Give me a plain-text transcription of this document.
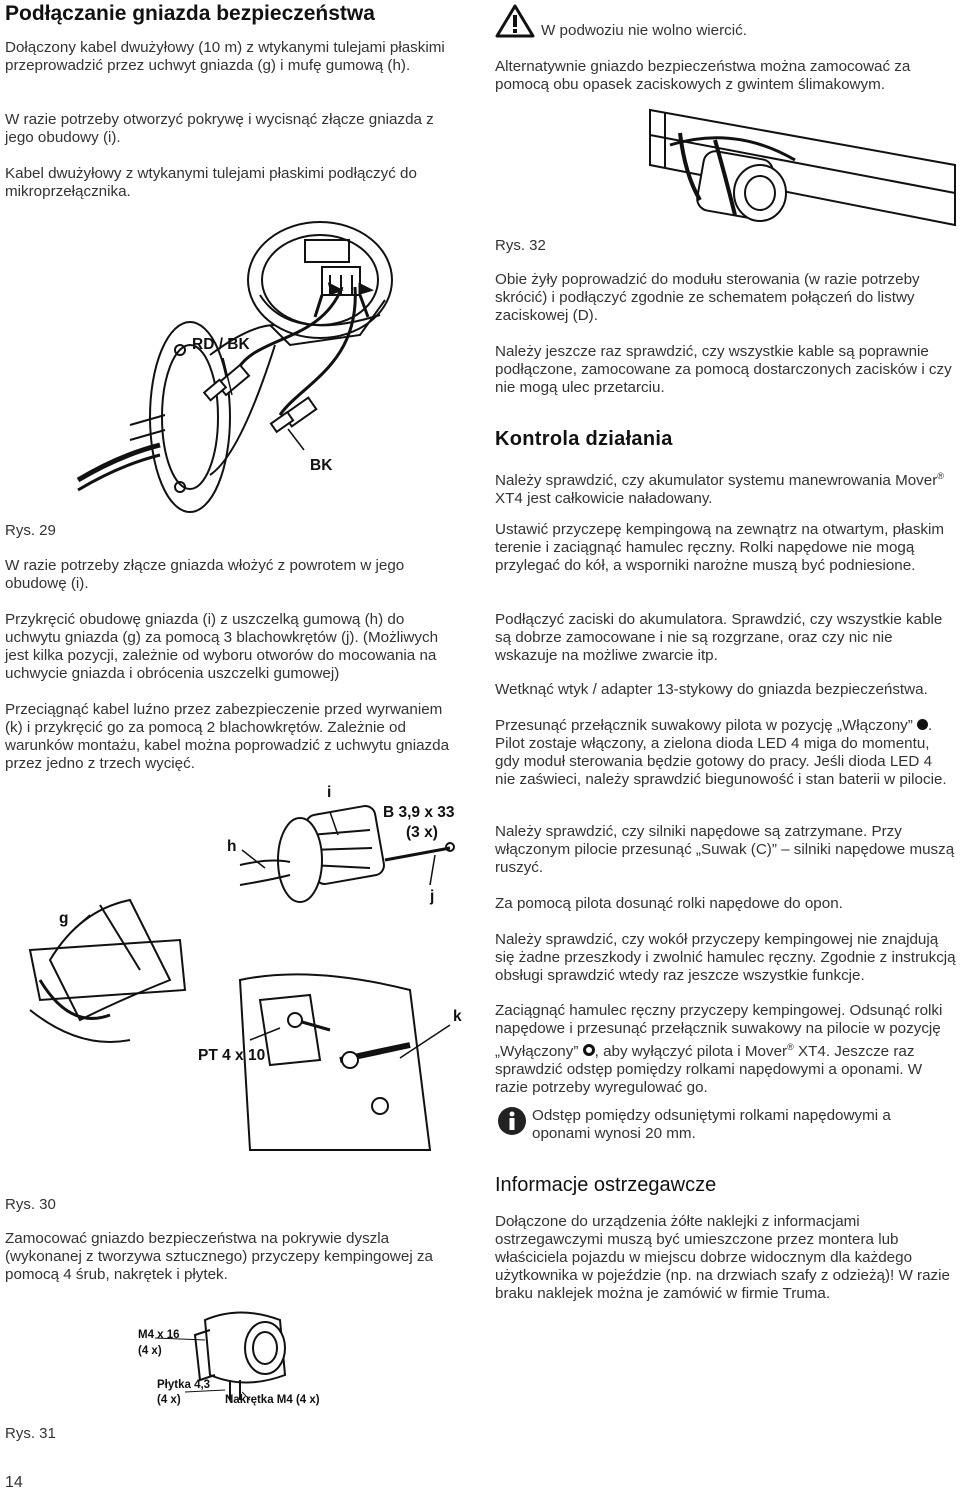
Podłączanie gniazda bezpieczeństwa

Dołączony kabel dwużyłowy (10 m) z wtykanymi tulejami płaskimi przeprowadzić przez uchwyt gniazda (g) i mufę gumową (h).

W razie potrzeby otworzyć pokrywę i wycisnąć złącze gniazda z jego obudowy (i).

Kabel dwużyłowy z wtykanymi tulejami płaskimi podłączyć do mikroprzełącznika.

RD / BK
BK

Rys. 29

W razie potrzeby złącze gniazda włożyć z powrotem w jego obudowę (i).

Przykręcić obudowę gniazda (i) z uszczelką gumową (h) do uchwytu gniazda (g) za pomocą 3 blachowkrętów (j). (Możliwych jest kilka pozycji, zależnie od wyboru otworów do mocowania na uchwycie gniazda i obrócenia uszczelki gumowej)

Przeciągnąć kabel luźno przez zabezpieczenie przed wyrwaniem (k) i przykręcić go za pomocą 2 blachowkrętów. Zależnie od warunków montażu, kabel można poprowadzić z uchwytu gniazda przez jedno z trzech wycięć.

i
B 3,9 x 33
(3 x)
h
j
g
k
PT 4 x 10

Rys. 30

Zamocować gniazdo bezpieczeństwa na pokrywie dyszla (wykonanej z tworzywa sztucznego) przyczepy kempingowej za pomocą 4 śrub, nakrętek i płytek.

M4 x 16
(4 x)
Płytka 4,3
(4 x)	Nakrętka M4 (4 x)

Rys. 31

14

W podwoziu nie wolno wiercić.

Alternatywnie gniazdo bezpieczeństwa można zamocować za pomocą obu opasek zaciskowych z gwintem ślimakowym.

Rys. 32

Obie żyły poprowadzić do modułu sterowania (w razie potrzeby skrócić) i podłączyć zgodnie ze schematem połączeń do listwy zaciskowej (D).

Należy jeszcze raz sprawdzić, czy wszystkie kable są poprawnie podłączone, zamocowane za pomocą dostarczonych zacisków i czy nie mogą ulec przetarciu.

Kontrola działania

Należy sprawdzić, czy akumulator systemu manewrowania Mover® XT4 jest całkowicie naładowany.

Ustawić przyczepę kempingową na zewnątrz na otwartym, płaskim terenie i zaciągnąć hamulec ręczny. Rolki napędowe nie mogą przylegać do kół, a wsporniki narożne muszą być podniesione.

Podłączyć zaciski do akumulatora. Sprawdzić, czy wszystkie kable są dobrze zamocowane i nie są rozgrzane, oraz czy nic nie wskazuje na możliwe zwarcie itp.

Wetknąć wtyk / adapter 13-stykowy do gniazda bezpieczeństwa.

Przesunąć przełącznik suwakowy pilota w pozycję „Włączony” . Pilot zostaje włączony, a zielona dioda LED 4 miga do momentu, gdy moduł sterowania będzie gotowy do pracy. Jeśli dioda LED 4 nie zaświeci, należy sprawdzić biegunowość i stan baterii w pilocie.

Należy sprawdzić, czy silniki napędowe są zatrzymane. Przy włączonym pilocie przesunąć „Suwak (C)” – silniki napędowe muszą ruszyć.

Za pomocą pilota dosunąć rolki napędowe do opon.

Należy sprawdzić, czy wokół przyczepy kempingowej nie znajdują się żadne przeszkody i zwolnić hamulec ręczny. Zgodnie z instrukcją obsługi sprawdzić wtedy raz jeszcze wszystkie funkcje.

Zaciągnąć hamulec ręczny przyczepy kempingowej. Odsunąć rolki napędowe i przesunąć przełącznik suwakowy na pilocie w pozycję „Wyłączony” , aby wyłączyć pilota i Mover® XT4. Jeszcze raz sprawdzić odstęp pomiędzy rolkami napędowymi a oponami. W razie potrzeby wyregulować go.

Odstęp pomiędzy odsuniętymi rolkami napędowymi a oponami wynosi 20 mm.

Informacje ostrzegawcze

Dołączone do urządzenia żółte naklejki z informacjami ostrzegawczymi muszą być umieszczone przez montera lub właściciela pojazdu w miejscu dobrze widocznym dla każdego użytkownika w pojeździe (np. na drzwiach szafy z odzieżą)! W razie braku naklejek można je zamówić w firmie Truma.
